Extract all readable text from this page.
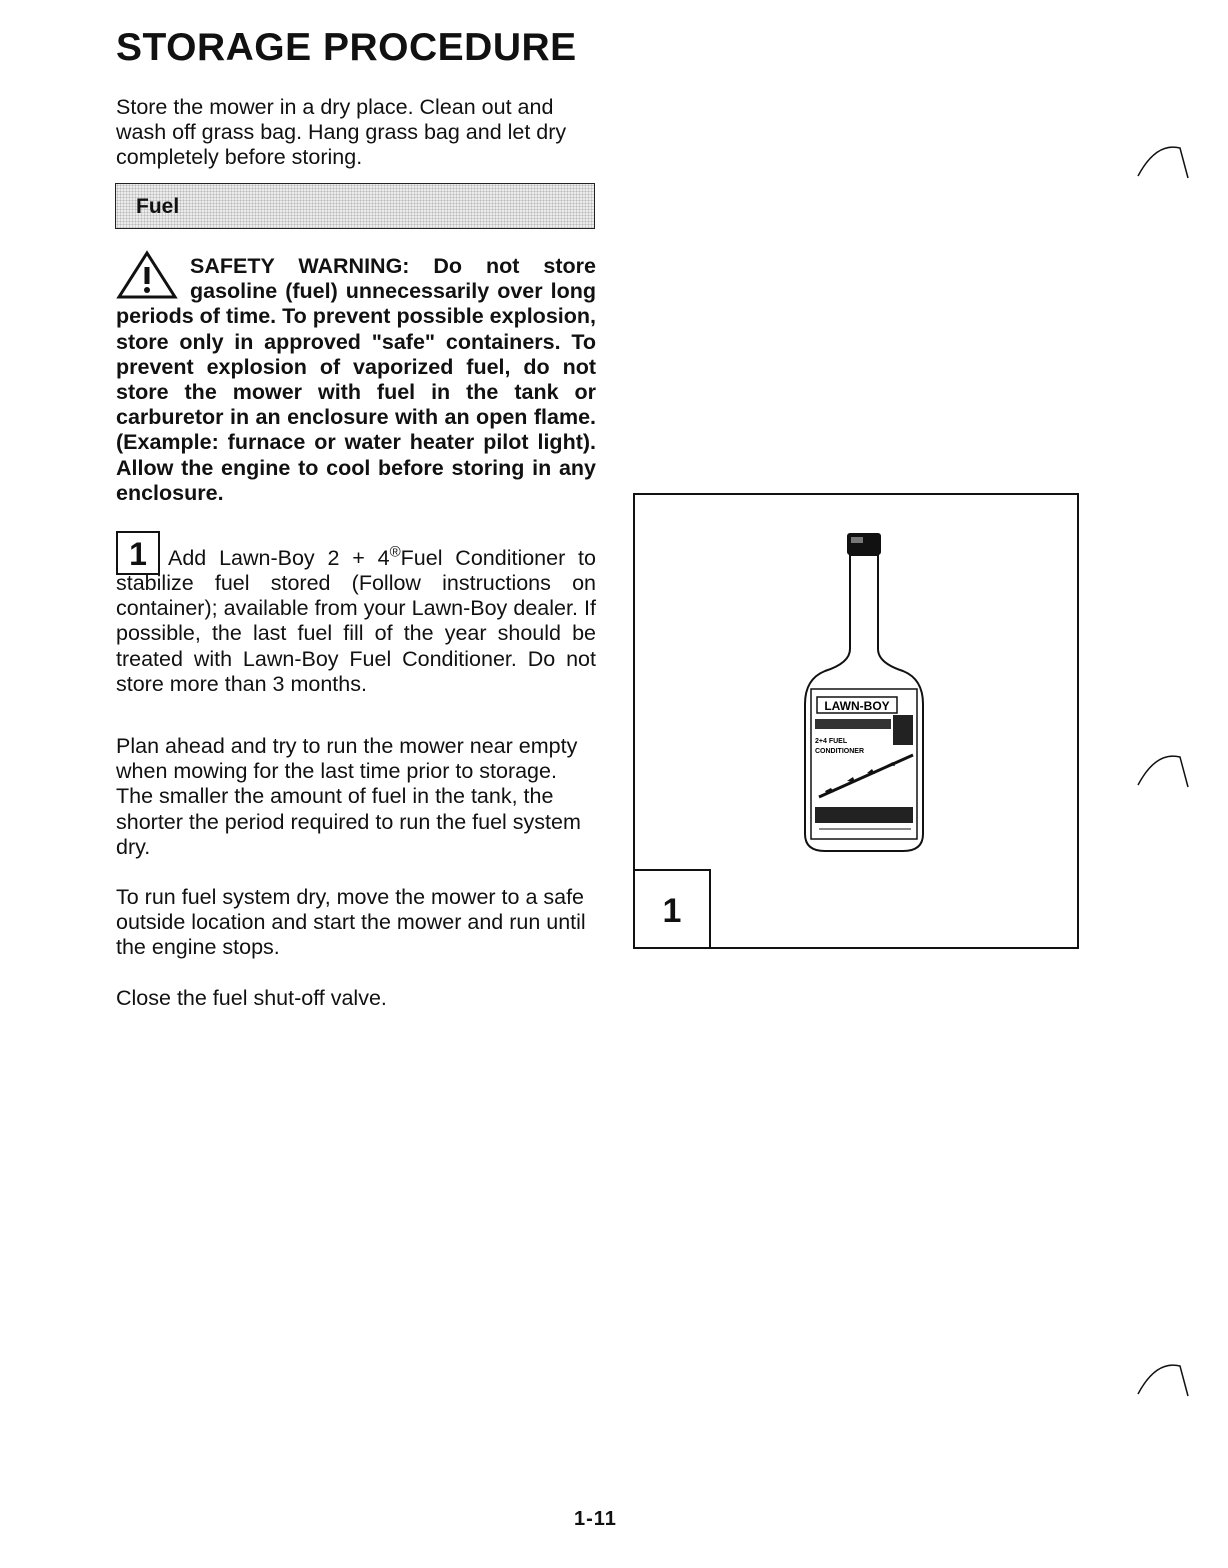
STORAGE PROCEDURE

Store the mower in a dry place. Clean out and wash off grass bag. Hang grass bag and let dry completely before storing.

Fuel

SAFETY WARNING: Do not store gasoline (fuel) unnecessarily over long periods of time. To prevent possible explosion, store only in approved "safe" containers. To prevent explosion of vaporized fuel, do not store the mower with fuel in the tank or carburetor in an enclosure with an open flame. (Example: furnace or water heater pilot light). Allow the engine to cool before storing in any enclosure.

1 Add Lawn-Boy 2 + 4®Fuel Conditioner to stabilize fuel stored (Follow instructions on container); available from your Lawn-Boy dealer. If possible, the last fuel fill of the year should be treated with Lawn-Boy Fuel Conditioner. Do not store more than 3 months.

Plan ahead and try to run the mower near empty when mowing for the last time prior to storage. The smaller the amount of fuel in the tank, the shorter the period required to run the fuel system dry.

To run fuel system dry, move the mower to a safe outside location and start the mower and run until the engine stops.

Close the fuel shut-off valve.

LAWN-BOY
2+4 FUEL
CONDITIONER
1
1-11
